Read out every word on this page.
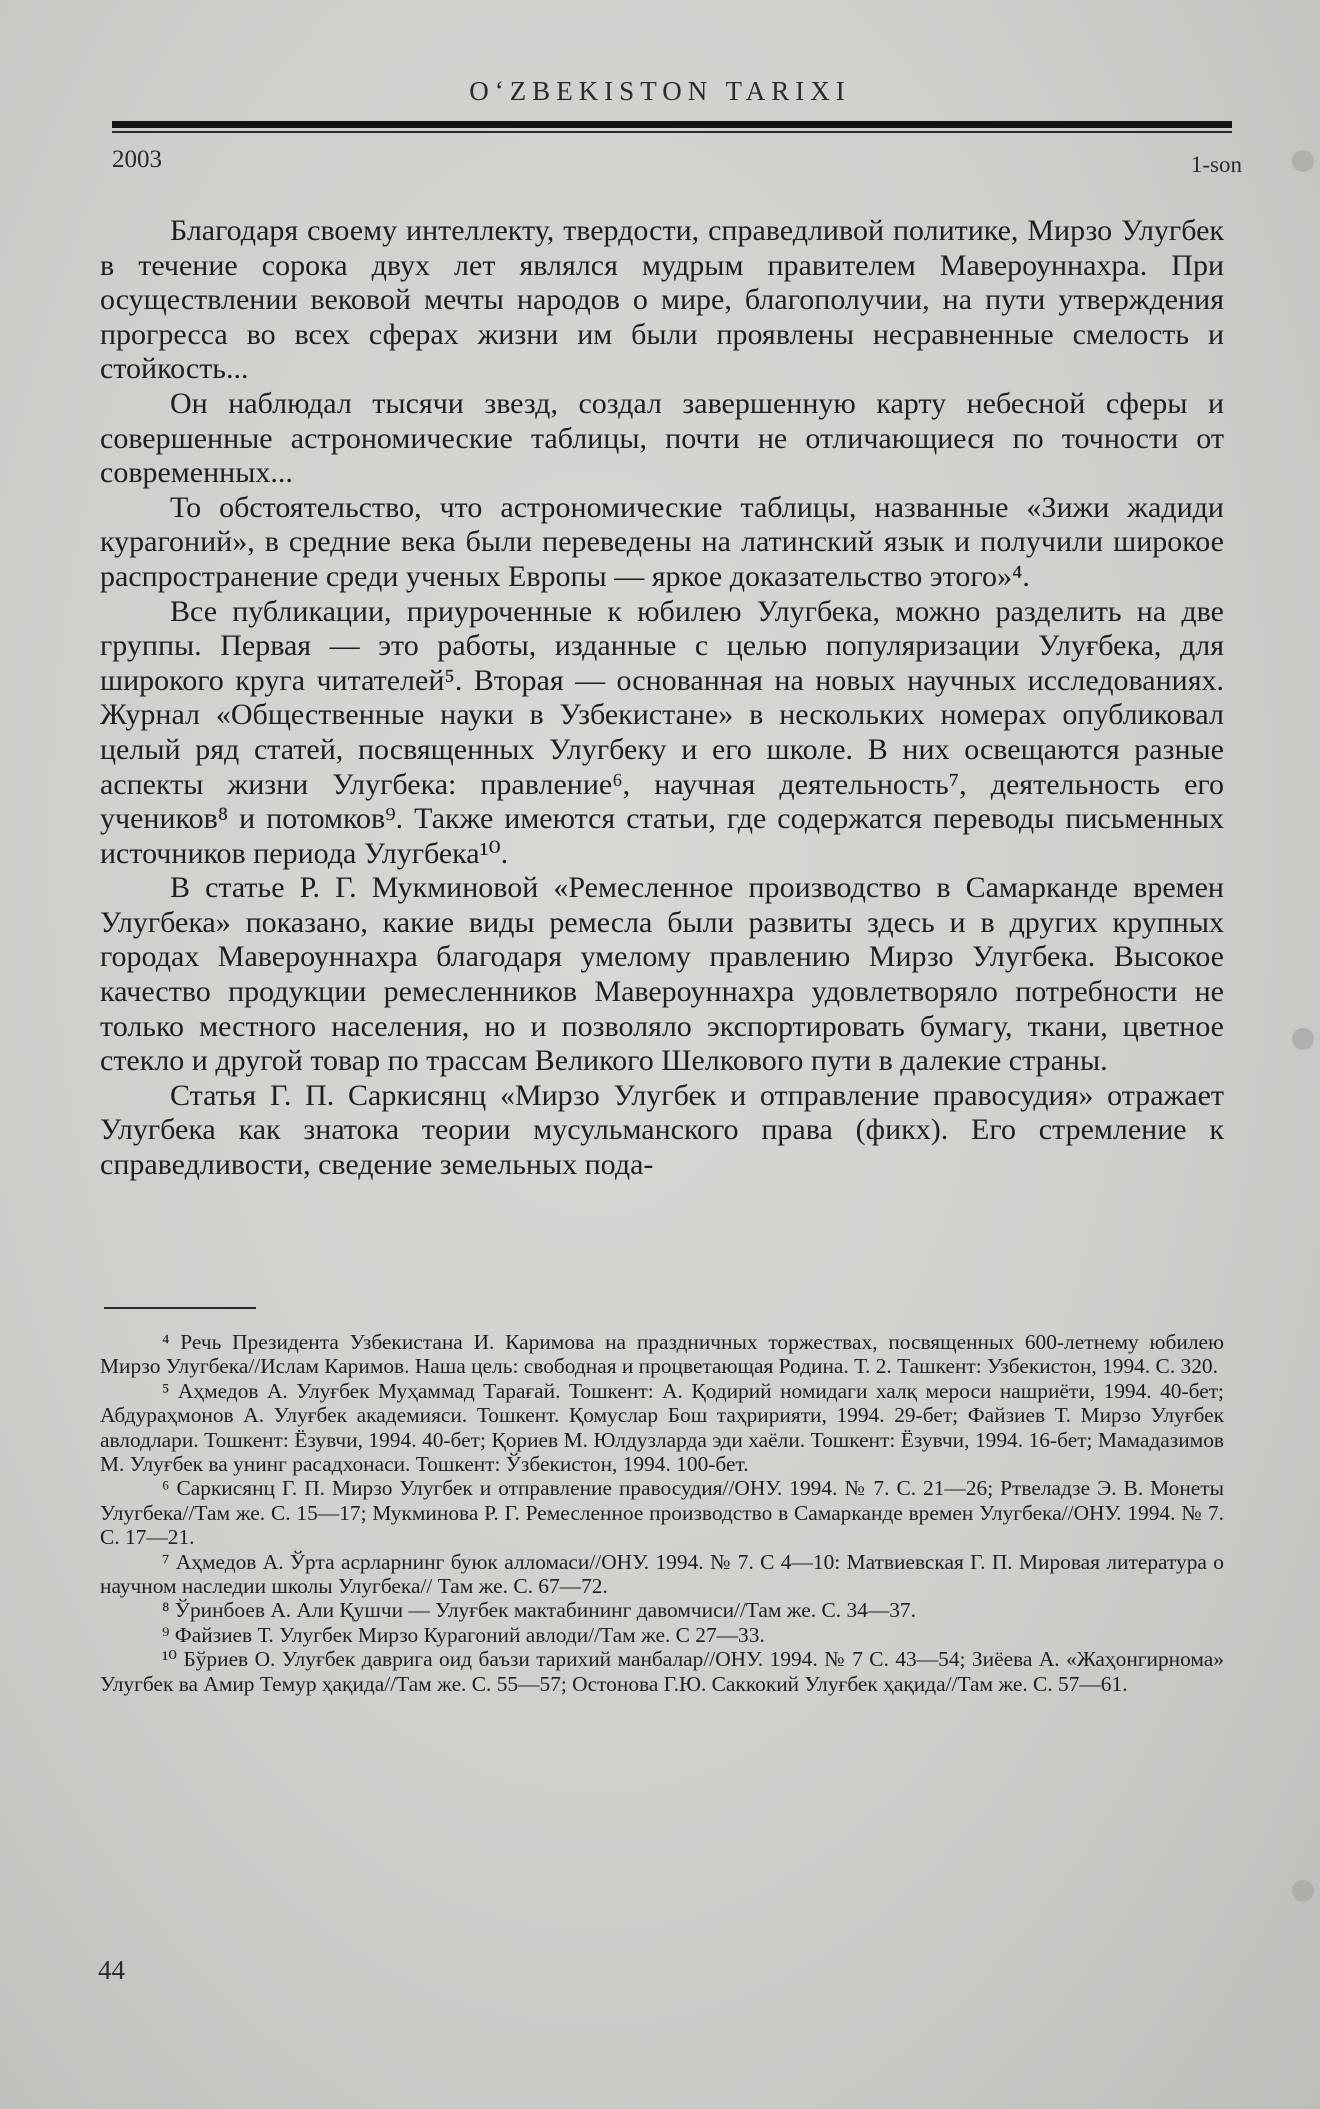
O‘ZBEKISTON TARIXI
2003	1-son

Благодаря своему интеллекту, твердости, справедливой политике, Мирзо Улугбек в течение сорока двух лет являлся мудрым правителем Мавероуннахра. При осуществлении вековой мечты народов о мире, благополучии, на пути утверждения прогресса во всех сферах жизни им были проявлены несравненные смелость и стойкость...

Он наблюдал тысячи звезд, создал завершенную карту небесной сферы и совершенные астрономические таблицы, почти не отличающиеся по точности от современных...

То обстоятельство, что астрономические таблицы, названные «Зижи жадиди курагоний», в средние века были переведены на латинский язык и получили широкое распространение среди ученых Европы — яркое доказательство этого»⁴.

Все публикации, приуроченные к юбилею Улугбека, можно разделить на две группы. Первая — это работы, изданные с целью популяризации Улуғбека, для широкого круга читателей⁵. Вторая — основанная на новых научных исследованиях. Журнал «Общественные науки в Узбекистане» в нескольких номерах опубликовал целый ряд статей, посвященных Улугбеку и его школе. В них освещаются разные аспекты жизни Улугбека: правление⁶, научная деятельность⁷, деятельность его учеников⁸ и потомков⁹. Также имеются статьи, где содержатся переводы письменных источников периода Улугбека¹⁰.

В статье Р. Г. Мукминовой «Ремесленное производство в Самарканде времен Улугбека» показано, какие виды ремесла были развиты здесь и в других крупных городах Мавероуннахра благодаря умелому правлению Мирзо Улугбека. Высокое качество продукции ремесленников Мавероуннахра удовлетворяло потребности не только местного населения, но и позволяло экспортировать бумагу, ткани, цветное стекло и другой товар по трассам Великого Шелкового пути в далекие страны.

Статья Г. П. Саркисянц «Мирзо Улугбек и отправление правосудия» отражает Улугбека как знатока теории мусульманского права (фикх). Его стремление к справедливости, сведение земельных пода-

⁴ Речь Президента Узбекистана И. Каримова на праздничных торжествах, посвященных 600-летнему юбилею Мирзо Улугбека//Ислам Каримов. Наша цель: свободная и процветающая Родина. Т. 2. Ташкент: Узбекистон, 1994. С. 320.

⁵ Аҳмедов А. Улуғбек Муҳаммад Тарағай. Тошкент: А. Қодирий номидаги халқ мероси нашриёти, 1994. 40-бет; Абдураҳмонов А. Улуғбек академияси. Тошкент. Қомуслар Бош таҳририяти, 1994. 29-бет; Файзиев Т. Мирзо Улуғбек авлодлари. Тошкент: Ёзувчи, 1994. 40-бет; Қориев М. Юлдузларда эди хаёли. Тошкент: Ёзувчи, 1994. 16-бет; Мамадазимов М. Улуғбек ва унинг расадхонаси. Тошкент: Ўзбекистон, 1994. 100-бет.

⁶ Саркисянц Г. П. Мирзо Улугбек и отправление правосудия//ОНУ. 1994. № 7. С. 21—26; Ртвеладзе Э. В. Монеты Улугбека//Там же. С. 15—17; Мукминова Р. Г. Ремесленное производство в Самарканде времен Улугбека//ОНУ. 1994. № 7. С. 17—21.

⁷ Аҳмедов А. Ўрта асрларнинг буюк алломаси//ОНУ. 1994. № 7. С 4—10: Матвиевская Г. П. Мировая литература о научном наследии школы Улугбека// Там же. С. 67—72.

⁸ Ўринбоев А. Али Қушчи — Улуғбек мактабининг давомчиси//Там же. С. 34—37.

⁹ Файзиев Т. Улугбек Мирзо Курагоний авлоди//Там же. С 27—33.

¹⁰ Бўриев О. Улуғбек даврига оид баъзи тарихий манбалар//ОНУ. 1994. № 7 С. 43—54; Зиёева А. «Жаҳонгирнома» Улугбек ва Амир Темур ҳақида//Там же. С. 55—57; Остонова Г.Ю. Саккокий Улуғбек ҳақида//Там же. С. 57—61.

44
